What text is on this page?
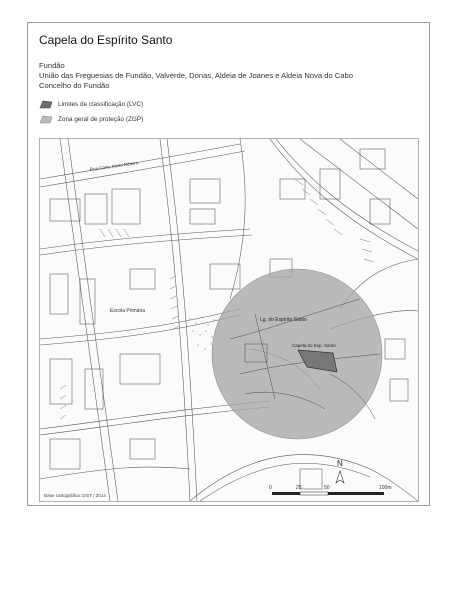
Capela do Espírito Santo
Fundão
União das Freguesias de Fundão, Valverde, Donas, Aldeia de Joanes e Aldeia Nova do Cabo
Concelho do Fundão
Limites de classificação (LVC)
Zona geral de proteção (ZGP)
Escola Primária
Lg. do Espírito Santo
Capela do Esp. Santo
Rua Cons. Alves Ribeiro
N
0	25	50	100m
Base cartográfica: DGT / 2014
